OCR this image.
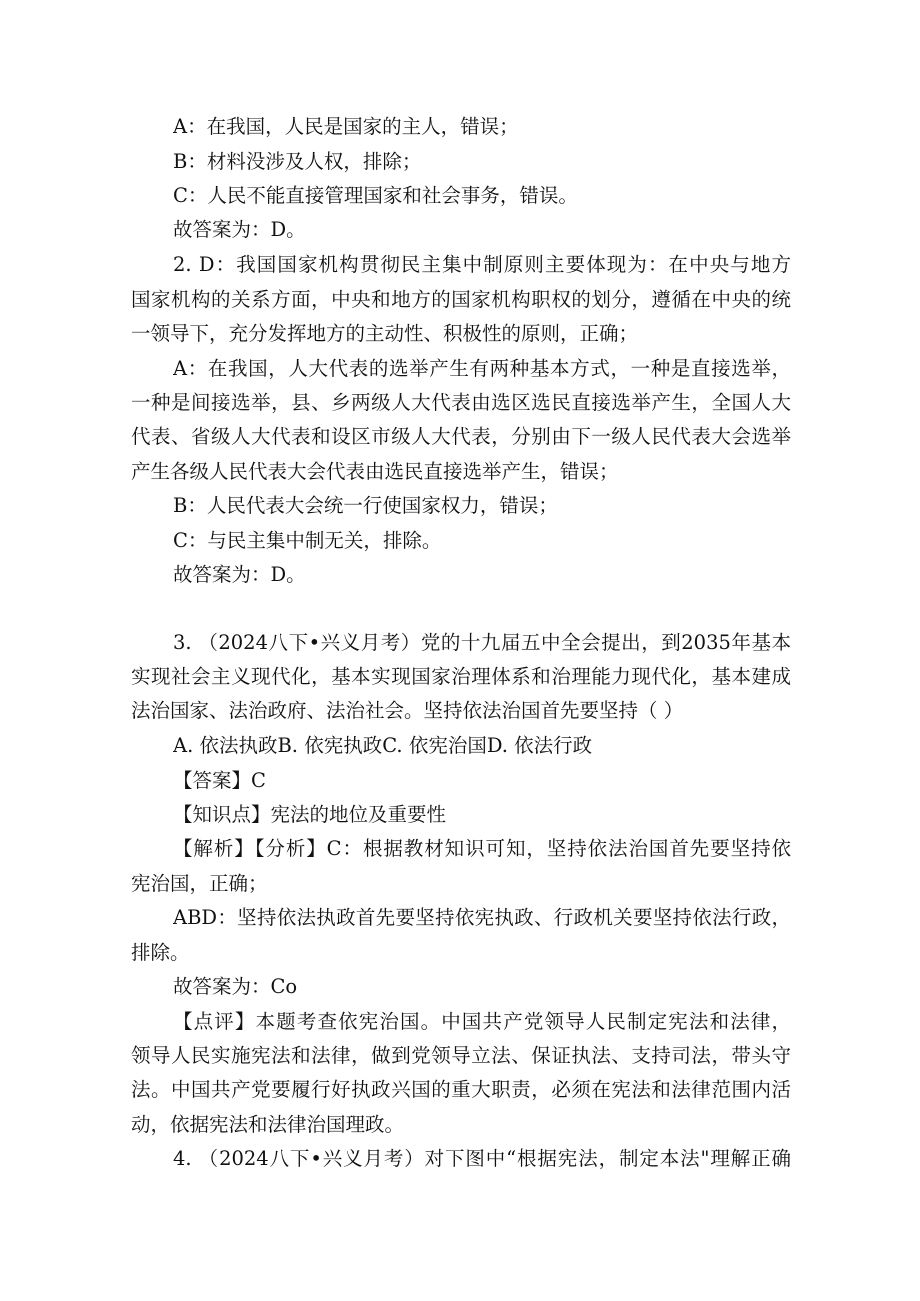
A：在我国，人民是国家的主人，错误；
B：材料没涉及人权，排除；
C：人民不能直接管理国家和社会事务，错误。
故答案为：D。
2. D：我国国家机构贯彻民主集中制原则主要体现为：在中央与地方
国家机构的关系方面，中央和地方的国家机构职权的划分，遵循在中央的统
一领导下，充分发挥地方的主动性、积极性的原则，正确；
A：在我国，人大代表的选举产生有两种基本方式，一种是直接选举，
一种是间接选举，县、乡两级人大代表由选区选民直接选举产生，全国人大
代表、省级人大代表和设区市级人大代表，分别由下一级人民代表大会选举
产生各级人民代表大会代表由选民直接选举产生，错误；
B：人民代表大会统一行使国家权力，错误；
C：与民主集中制无关，排除。
故答案为：D。
3. （2024八下•兴义月考）党的十九届五中全会提出，到2035年基本
实现社会主义现代化，基本实现国家治理体系和治理能力现代化，基本建成
法治国家、法治政府、法治社会。坚持依法治国首先要坚持（ ）
A. 依法执政B. 依宪执政C. 依宪治国D. 依法行政
【答案】C
【知识点】宪法的地位及重要性
【解析】【分析】C：根据教材知识可知，坚持依法治国首先要坚持依
宪治国，正确；
ABD：坚持依法执政首先要坚持依宪执政、行政机关要坚持依法行政，
排除。
故答案为：Co
【点评】本题考查依宪治国。中国共产党领导人民制定宪法和法律，
领导人民实施宪法和法律，做到党领导立法、保证执法、支持司法，带头守
法。中国共产党要履行好执政兴国的重大职责，必须在宪法和法律范围内活
动，依据宪法和法律治国理政。
4. （2024八下•兴义月考）对下图中“根据宪法，制定本法"理解正确
